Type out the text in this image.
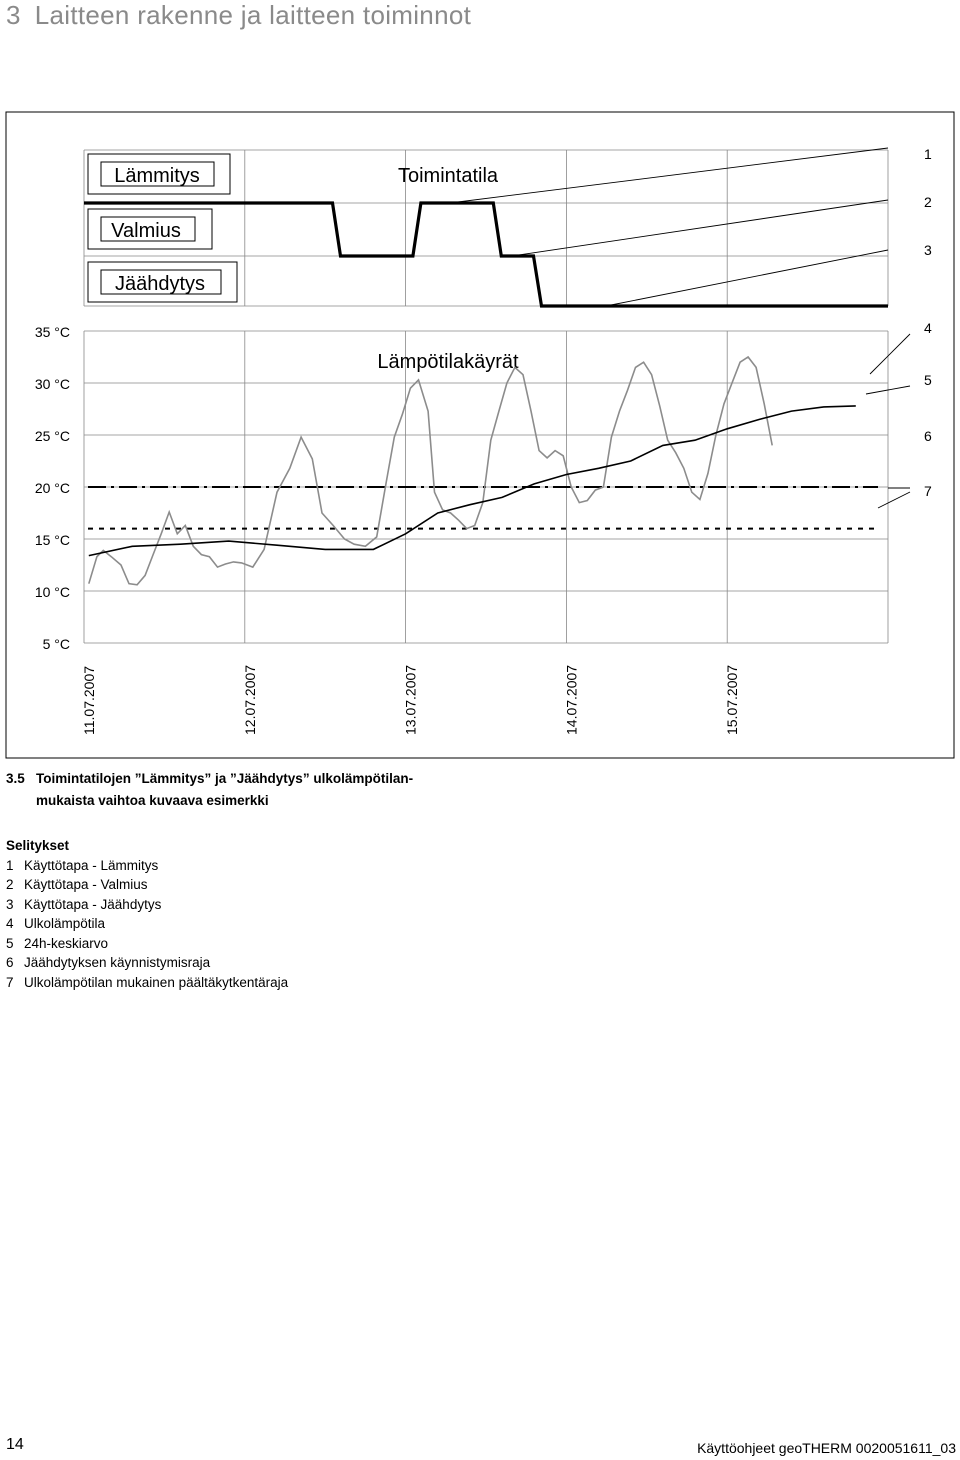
3 Laitteen rakenne ja laitteen toiminnot
Lämmitys
Valmius
Jäähdytys
Toimintatila
Lämpötilakäyrät
35 °C
30 °C
25 °C
20 °C
15 °C
10 °C
5 °C
11.07.2007	12.07.2007	13.07.2007	14.07.2007	15.07.2007
1
2
3
4
5
6
7
3.5 Toimintatilojen ”Lämmitys” ja ”Jäähdytys” ulkolämpötilan-
mukaista vaihtoa kuvaava esimerkki
Selitykset
1 Käyttötapa - Lämmitys
2 Käyttötapa - Valmius
3 Käyttötapa - Jäähdytys
4 Ulkolämpötila
5 24h-keskiarvo
6 Jäähdytyksen käynnistymisraja
7 Ulkolämpötilan mukainen päältäkytkentäraja
14	Käyttöohjeet geoTHERM 0020051611_03
